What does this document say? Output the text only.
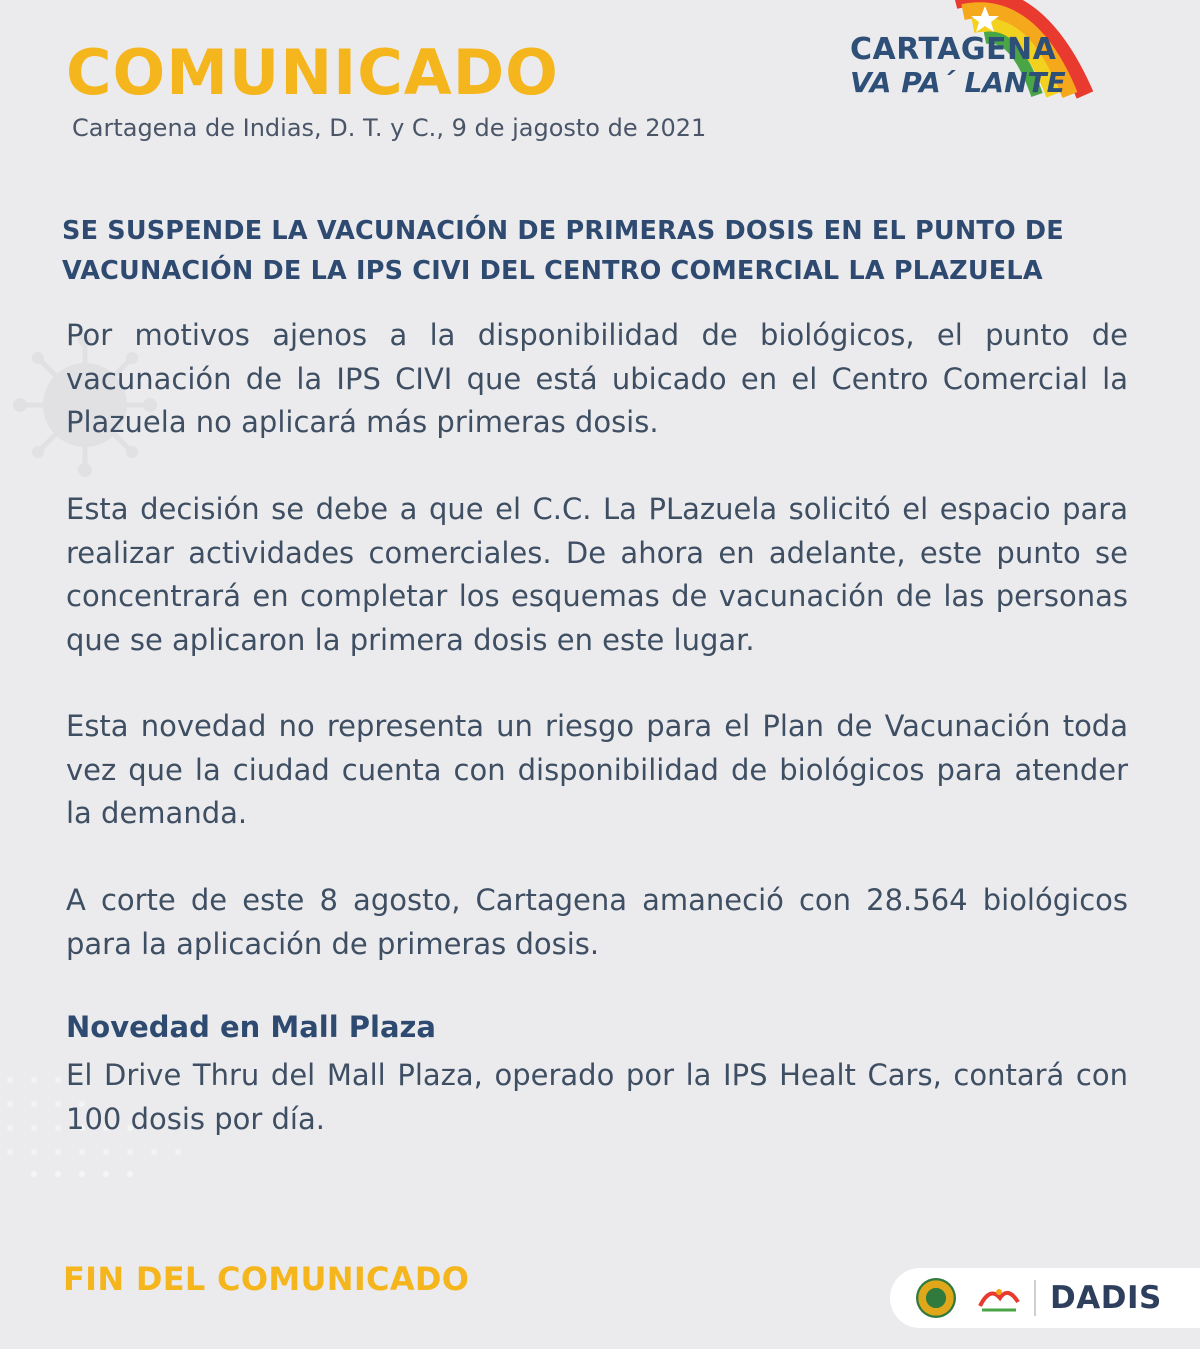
COMUNICADO

Cartagena de Indias, D. T. y C., 9 de jagosto de 2021

CARTAGENA
VA PA´ LANTE
SE SUSPENDE LA VACUNACIÓN DE PRIMERAS DOSIS EN EL PUNTO DE VACUNACIÓN DE LA IPS CIVI DEL CENTRO COMERCIAL LA PLAZUELA

Por motivos ajenos a la disponibilidad de biológicos, el punto de vacunación de la IPS CIVI que está ubicado en el Centro Comercial la Plazuela no aplicará más primeras dosis.

Esta decisión se debe a que el C.C. La PLazuela solicitó el espacio para realizar actividades comerciales. De ahora en adelante, este punto se concentrará en completar los esquemas de vacunación de las personas que se aplicaron la primera dosis en este lugar.

Esta novedad no representa un riesgo para el Plan de Vacunación toda vez que la ciudad cuenta con disponibilidad de biológicos para atender la demanda.

A corte de este 8 agosto, Cartagena amaneció con 28.564 biológicos para la aplicación de primeras dosis.

Novedad en Mall Plaza

El Drive Thru del Mall Plaza, operado por la IPS Healt Cars, contará con 100 dosis por día.

FIN DEL COMUNICADO	DADIS
